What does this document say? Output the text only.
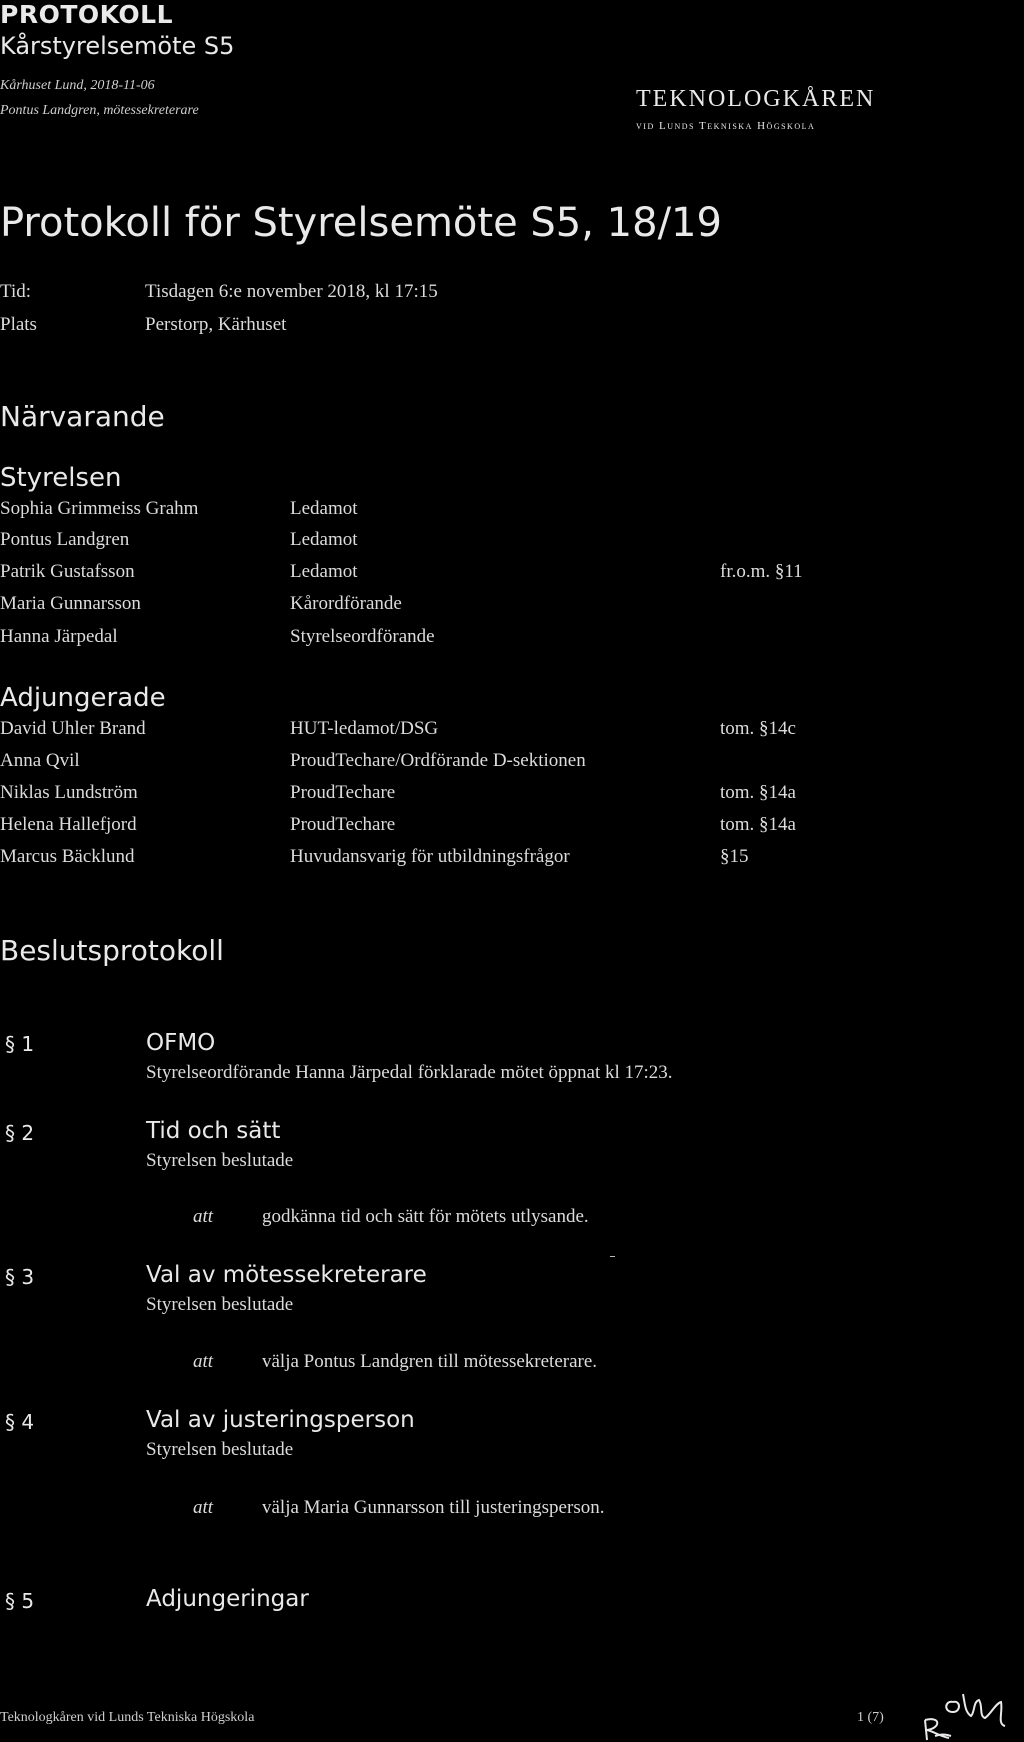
PROTOKOLL
Kårstyrelsemöte S5
Kårhuset Lund, 2018-11-06
Pontus Landgren, mötessekreterare	TEKNOLOGKÅREN
vid Lunds Tekniska Högskola
Protokoll för Styrelsemöte S5, 18/19
Tid:	Tisdagen 6:e november 2018, kl 17:15
Plats	Perstorp, Kärhuset
Närvarande
Styrelsen
Sophia Grimmeiss Grahm	Ledamot
Pontus Landgren	Ledamot
Patrik Gustafsson	Ledamot	fr.o.m. §11
Maria Gunnarsson	Kårordförande
Hanna Järpedal	Styrelseordförande
Adjungerade
David Uhler Brand	HUT-ledamot/DSG	tom. §14c
Anna Qvil	ProudTechare/Ordförande D-sektionen
Niklas Lundström	ProudTechare	tom. §14a
Helena Hallefjord	ProudTechare	tom. §14a
Marcus Bäcklund	Huvudansvarig för utbildningsfrågor	§15
Beslutsprotokoll
§ 1	OFMO
Styrelseordförande Hanna Järpedal förklarade mötet öppnat kl 17:23.
§ 2	Tid och sätt
Styrelsen beslutade
att	godkänna tid och sätt för mötets utlysande.
§ 3	Val av mötessekreterare
Styrelsen beslutade
att	välja Pontus Landgren till mötessekreterare.
§ 4	Val av justeringsperson
Styrelsen beslutade
att	välja Maria Gunnarsson till justeringsperson.
§ 5	Adjungeringar
Teknologkåren vid Lunds Tekniska Högskola	1 (7)
